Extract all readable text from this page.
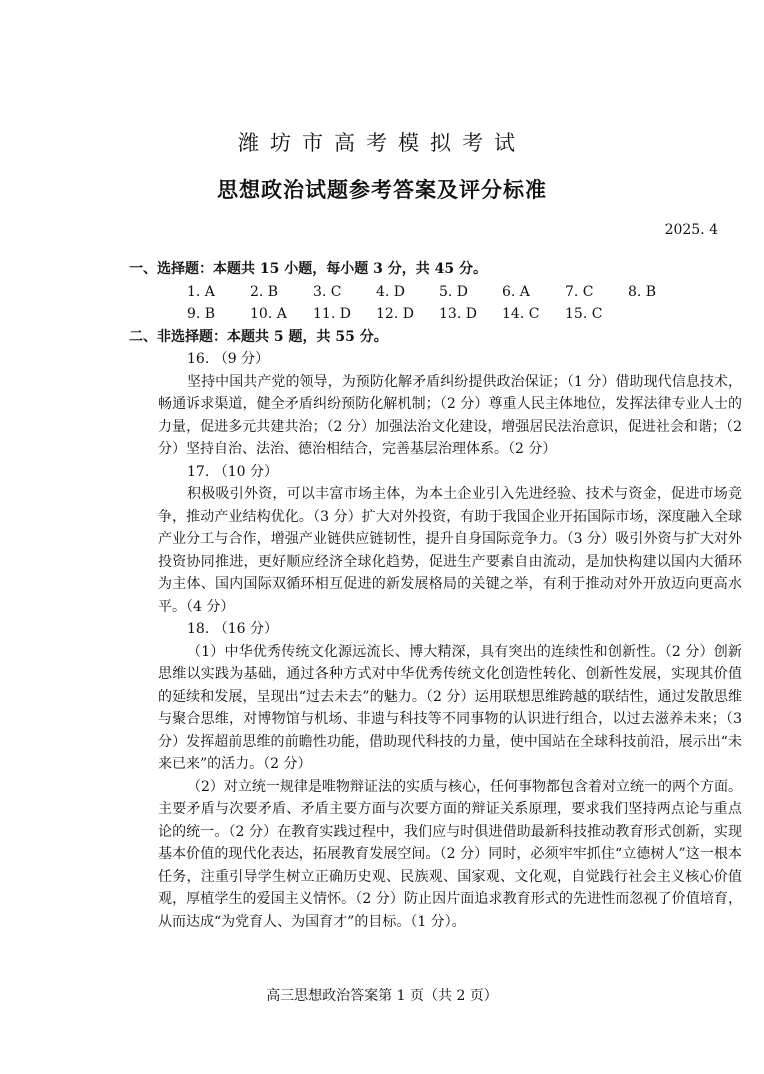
潍坊市高考模拟考试
思想政治试题参考答案及评分标准
2025. 4
一、选择题：本题共 15 小题，每小题 3 分，共 45 分。
1. A	2. B	3. C	4. D	5. D	6. A	7. C	8. B
9. B	10. A	11. D	12. D	13. D	14. C	15. C
二、非选择题：本题共 5 题，共 55 分。
16. （9 分）
坚持中国共产党的领导，为预防化解矛盾纠纷提供政治保证；（1 分）借助现代信息技术，畅通诉求渠道，健全矛盾纠纷预防化解机制；（2 分）尊重人民主体地位，发挥法律专业人士的力量，促进多元共建共治；（2 分）加强法治文化建设，增强居民法治意识，促进社会和谐；（2 分）坚持自治、法治、德治相结合，完善基层治理体系。（2 分）
17. （10 分）
积极吸引外资，可以丰富市场主体，为本土企业引入先进经验、技术与资金，促进市场竞争，推动产业结构优化。（3 分）扩大对外投资，有助于我国企业开拓国际市场，深度融入全球产业分工与合作，增强产业链供应链韧性，提升自身国际竞争力。（3 分）吸引外资与扩大对外投资协同推进，更好顺应经济全球化趋势，促进生产要素自由流动，是加快构建以国内大循环为主体、国内国际双循环相互促进的新发展格局的关键之举，有利于推动对外开放迈向更高水平。（4 分）
18. （16 分）
（1）中华优秀传统文化源远流长、博大精深，具有突出的连续性和创新性。（2 分）创新思维以实践为基础，通过各种方式对中华优秀传统文化创造性转化、创新性发展，实现其价值的延续和发展，呈现出“过去未去”的魅力。（2 分）运用联想思维跨越的联结性，通过发散思维与聚合思维，对博物馆与机场、非遗与科技等不同事物的认识进行组合，以过去滋养未来；（3 分）发挥超前思维的前瞻性功能，借助现代科技的力量，使中国站在全球科技前沿，展示出“未来已来”的活力。（2 分）
（2）对立统一规律是唯物辩证法的实质与核心，任何事物都包含着对立统一的两个方面。主要矛盾与次要矛盾、矛盾主要方面与次要方面的辩证关系原理，要求我们坚持两点论与重点论的统一。（2 分）在教育实践过程中，我们应与时俱进借助最新科技推动教育形式创新，实现基本价值的现代化表达，拓展教育发展空间。（2 分）同时，必须牢牢抓住“立德树人”这一根本任务，注重引导学生树立正确历史观、民族观、国家观、文化观，自觉践行社会主义核心价值观，厚植学生的爱国主义情怀。（2 分）防止因片面追求教育形式的先进性而忽视了价值培育，从而达成“为党育人、为国育才”的目标。（1 分）。
高三思想政治答案第 1 页（共 2 页）
